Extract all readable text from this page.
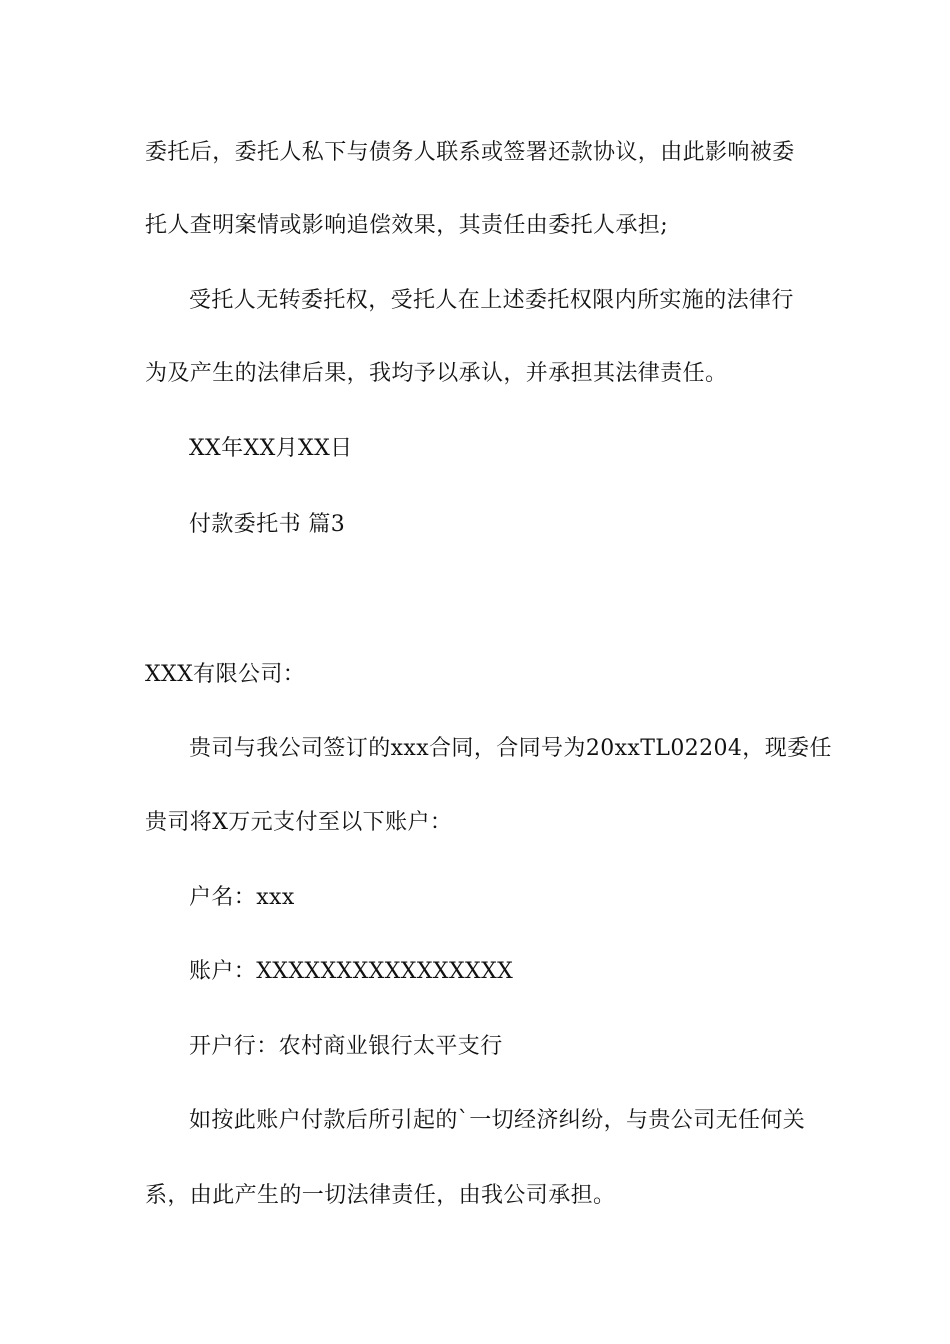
委托后，委托人私下与债务人联系或签署还款协议，由此影响被委
托人查明案情或影响追偿效果，其责任由委托人承担;
受托人无转委托权，受托人在上述委托权限内所实施的法律行
为及产生的法律后果，我均予以承认，并承担其法律责任。
XX年XX月XX日
付款委托书 篇3
XXX有限公司：
贵司与我公司签订的xxx合同，合同号为20xxTL02204，现委任
贵司将X万元支付至以下账户：
户名：xxx
账户：XXXXXXXXXXXXXXXX
开户行：农村商业银行太平支行
如按此账户付款后所引起的`一切经济纠纷，与贵公司无任何关
系，由此产生的一切法律责任，由我公司承担。
